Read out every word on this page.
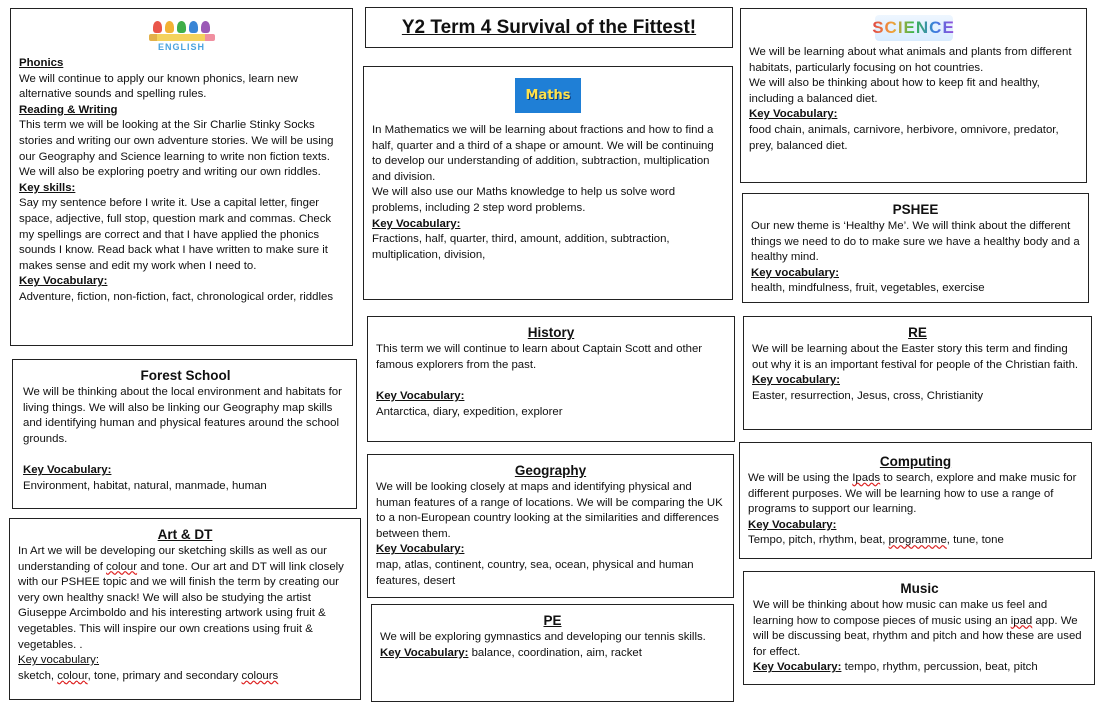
Y2 Term 4 Survival of the Fittest!
ENGLISH

Phonics

We will continue to apply our known phonics, learn new alternative sounds and spelling rules.

Reading & Writing

This term we will be looking at the Sir Charlie Stinky Socks stories and writing our own adventure stories. We will be using our Geography and Science learning to write non fiction texts. We will also be exploring poetry and writing our own riddles.

Key skills:

Say my sentence before I write it. Use a capital letter, finger space, adjective, full stop, question mark and commas. Check my spellings are correct and that I have applied the phonics sounds I know. Read back what I have written to make sure it makes sense and edit my work when I need to.

Key Vocabulary:

Adventure, fiction, non-fiction, fact, chronological order, riddles

Maths

In Mathematics we will be learning about fractions and how to find a half, quarter and a third of a shape or amount. We will be continuing to develop our understanding of addition, subtraction, multiplication and division.

We will also use our Maths knowledge to help us solve word problems, including 2 step word problems.

Key Vocabulary:

Fractions, half, quarter, third, amount, addition, subtraction, multiplication, division,

SCIENCE

We will be learning about what animals and plants from different habitats, particularly focusing on hot countries.

We will also be thinking about how to keep fit and healthy, including a balanced diet.

Key Vocabulary:

food chain, animals, carnivore, herbivore, omnivore, predator, prey, balanced diet.

PSHEE

Our new theme is ‘Healthy Me’. We will think about the different things we need to do to make sure we have a healthy body and a healthy mind.

Key vocabulary:

health, mindfulness, fruit, vegetables, exercise

Forest School

We will be thinking about the local environment and habitats for living things. We will also be linking our Geography map skills and identifying human and physical features around the school grounds.

Key Vocabulary:

Environment, habitat, natural, manmade, human

History

This term we will continue to learn about Captain Scott and other famous explorers from the past.

Key Vocabulary:

Antarctica, diary, expedition, explorer

RE

We will be learning about the Easter story this term and finding out why it is an important festival for people of the Christian faith.

Key vocabulary:

Easter, resurrection, Jesus, cross, Christianity

Art & DT

In Art we will be developing our sketching skills as well as our understanding of colour and tone. Our art and DT will link closely with our PSHEE topic and we will finish the term by creating our very own healthy snack! We will also be studying the artist Giuseppe Arcimboldo and his interesting artwork using fruit & vegetables. This will inspire our own creations using fruit & vegetables. .

Key vocabulary:

sketch, colour, tone, primary and secondary colours

Geography

We will be looking closely at maps and identifying physical and human features of a range of locations. We will be comparing the UK to a non-European country looking at the similarities and differences between them.

Key Vocabulary:

map, atlas, continent, country, sea, ocean, physical and human features, desert

Computing

We will be using the Ipads to search, explore and make music for different purposes. We will be learning how to use a range of programs to support our learning.

Key Vocabulary:

Tempo, pitch, rhythm, beat, programme, tune, tone

PE

We will be exploring gymnastics and developing our tennis skills.

Key Vocabulary: balance, coordination, aim, racket

Music

We will be thinking about how music can make us feel and learning how to compose pieces of music using an ipad app. We will be discussing beat, rhythm and pitch and how these are used for effect.

Key Vocabulary: tempo, rhythm, percussion, beat, pitch
